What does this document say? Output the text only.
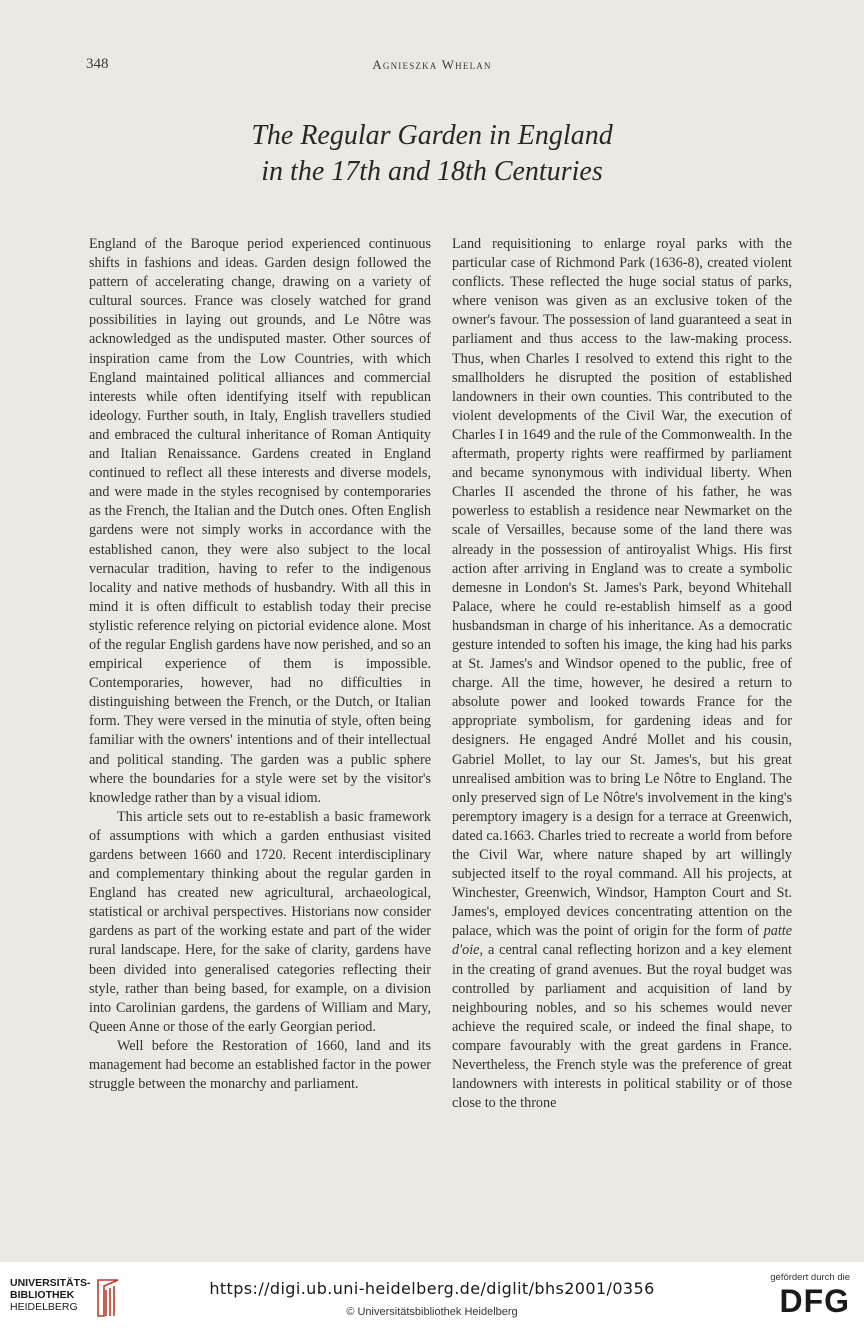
348	Agnieszka Whelan
The Regular Garden in England
in the 17th and 18th Centuries

England of the Baroque period experienced continuous shifts in fashions and ideas. Garden design followed the pattern of accelerating change, drawing on a variety of cultural sources. France was closely watched for grand possibilities in laying out grounds, and Le Nôtre was acknowledged as the undisputed master. Other sources of inspiration came from the Low Countries, with which England maintained political alliances and commercial interests while often identifying itself with republican ideology. Further south, in Italy, English travellers studied and embraced the cultural inheritance of Roman Antiquity and Italian Renaissance. Gardens created in England continued to reflect all these interests and diverse models, and were made in the styles recognised by contemporaries as the French, the Italian and the Dutch ones. Often English gardens were not simply works in accordance with the established canon, they were also subject to the local vernacular tradition, having to refer to the indigenous locality and native methods of husbandry. With all this in mind it is often difficult to establish today their precise stylistic reference relying on pictorial evidence alone. Most of the regular English gardens have now perished, and so an empirical experience of them is impossible. Contemporaries, however, had no difficulties in distinguishing between the French, or the Dutch, or Italian form. They were versed in the minutia of style, often being familiar with the owners' intentions and of their intellectual and political standing. The garden was a public sphere where the boundaries for a style were set by the visitor's knowledge rather than by a visual idiom.

This article sets out to re-establish a basic framework of assumptions with which a garden enthusiast visited gardens between 1660 and 1720. Recent interdisciplinary and complementary thinking about the regular garden in England has created new agricultural, archaeological, statistical or archival perspectives. Historians now consider gardens as part of the working estate and part of the wider rural landscape. Here, for the sake of clarity, gardens have been divided into generalised categories reflecting their style, rather than being based, for example, on a division into Carolinian gardens, the gardens of William and Mary, Queen Anne or those of the early Georgian period.

Well before the Restoration of 1660, land and its management had become an established factor in the power struggle between the monarchy and parliament.

Land requisitioning to enlarge royal parks with the particular case of Richmond Park (1636-8), created violent conflicts. These reflected the huge social status of parks, where venison was given as an exclusive token of the owner's favour. The possession of land guaranteed a seat in parliament and thus access to the law-making process. Thus, when Charles I resolved to extend this right to the smallholders he disrupted the position of established landowners in their own counties. This contributed to the violent developments of the Civil War, the execution of Charles I in 1649 and the rule of the Commonwealth. In the aftermath, property rights were reaffirmed by parliament and became synonymous with individual liberty. When Charles II ascended the throne of his father, he was powerless to establish a residence near Newmarket on the scale of Versailles, because some of the land there was already in the possession of antiroyalist Whigs. His first action after arriving in England was to create a symbolic demesne in London's St. James's Park, beyond Whitehall Palace, where he could re-establish himself as a good husbandsman in charge of his inheritance. As a democratic gesture intended to soften his image, the king had his parks at St. James's and Windsor opened to the public, free of charge. All the time, however, he desired a return to absolute power and looked towards France for the appropriate symbolism, for gardening ideas and for designers. He engaged André Mollet and his cousin, Gabriel Mollet, to lay our St. James's, but his great unrealised ambition was to bring Le Nôtre to England. The only preserved sign of Le Nôtre's involvement in the king's peremptory imagery is a design for a terrace at Greenwich, dated ca.1663. Charles tried to recreate a world from before the Civil War, where nature shaped by art willingly subjected itself to the royal command. All his projects, at Winchester, Greenwich, Windsor, Hampton Court and St. James's, employed devices concentrating attention on the palace, which was the point of origin for the form of patte d'oie, a central canal reflecting horizon and a key element in the creating of grand avenues. But the royal budget was controlled by parliament and acquisition of land by neighbouring nobles, and so his schemes would never achieve the required scale, or indeed the final shape, to compare favourably with the great gardens in France. Nevertheless, the French style was the preference of great landowners with interests in political stability or of those close to the throne

UNIVERSITÄTS-
BIBLIOTHEK
HEIDELBERG
https://digi.ub.uni-heidelberg.de/diglit/bhs2001/0356
© Universitätsbibliothek Heidelberg
gefördert durch die
DFG
